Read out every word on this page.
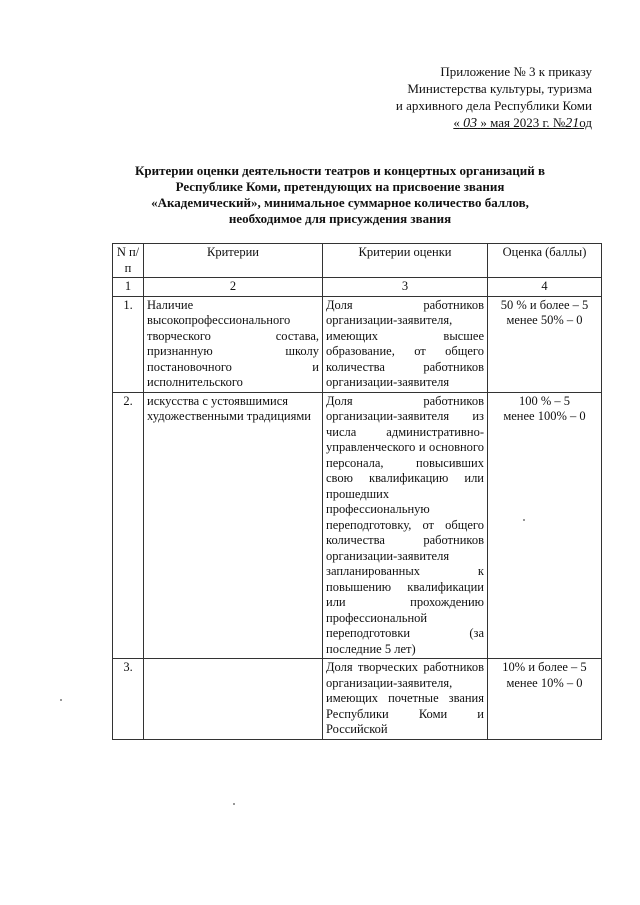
Приложение № 3 к приказу
Министерства культуры, туризма
и архивного дела Республики Коми
« 03 » мая 2023 г. №21од
Критерии оценки деятельности театров и концертных организаций в
Республике Коми, претендующих на присвоение звания
«Академический», минимальное суммарное количество баллов,
необходимое для присуждения звания
N п/п	Критерии	Критерии оценки	Оценка (баллы)
1	2	3	4
1.	Наличие высокопрофессионального творческого состава, признанную школу постановочного и исполнительского	Доля работников организации-заявителя, имеющих высшее образование, от общего количества работников организации-заявителя	50 % и более – 5
менее 50% – 0

2.	искусства с устоявшимися художественными традициями	Доля работников организации-заявителя из числа административно-управленческого и основного персонала, повысивших свою квалификацию или прошедших профессиональную переподготовку, от общего количества работников организации-заявителя запланированных к повышению квалификации или прохождению профессиональной переподготовки (за последние 5 лет)	100 % – 5
менее 100% – 0

3.		Доля творческих работников организации-заявителя, имеющих почетные звания Республики Коми и Российской	10% и более – 5
менее 10% – 0
